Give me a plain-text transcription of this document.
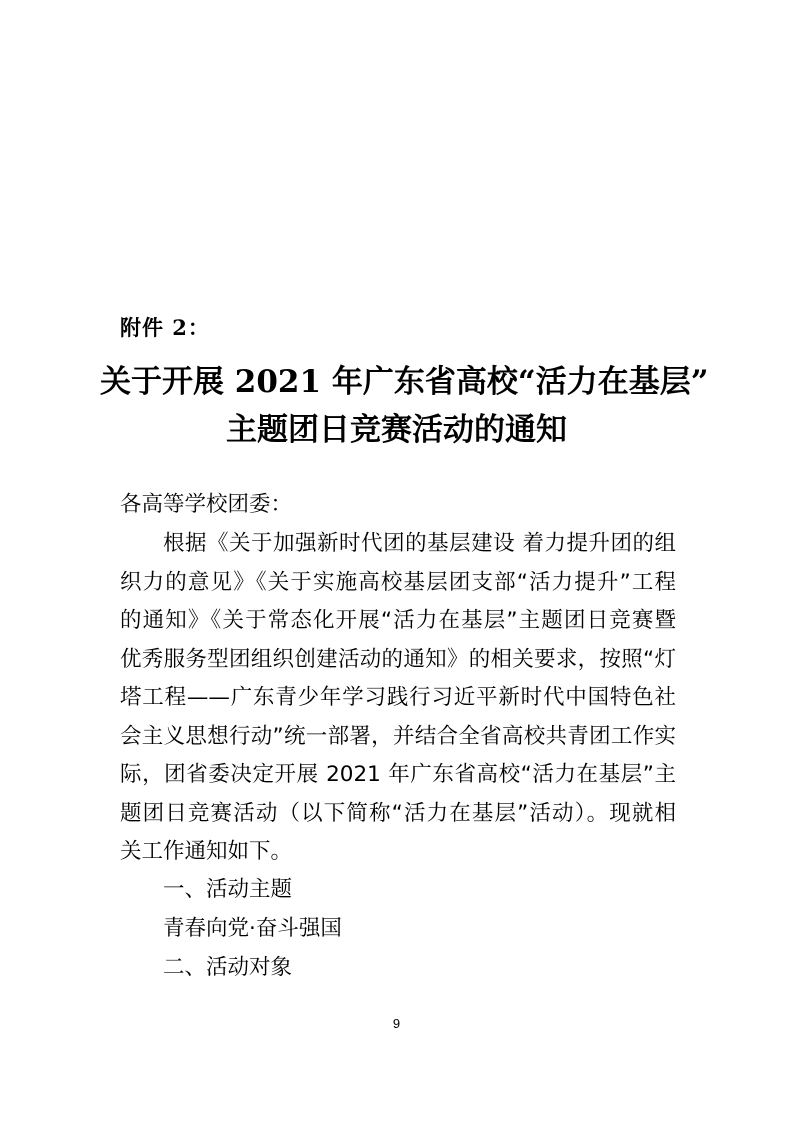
附件 2：
关于开展 2021 年广东省高校“活力在基层”
主题团日竞赛活动的通知
各高等学校团委：
根据《关于加强新时代团的基层建设 着力提升团的组
织力的意见》《关于实施高校基层团支部“活力提升”工程
的通知》《关于常态化开展“活力在基层”主题团日竞赛暨
优秀服务型团组织创建活动的通知》的相关要求，按照“灯
塔工程——广东青少年学习践行习近平新时代中国特色社
会主义思想行动”统一部署，并结合全省高校共青团工作实
际，团省委决定开展 2021 年广东省高校“活力在基层”主
题团日竞赛活动（以下简称“活力在基层”活动）。现就相
关工作通知如下。
一、活动主题
青春向党·奋斗强国
二、活动对象
9
